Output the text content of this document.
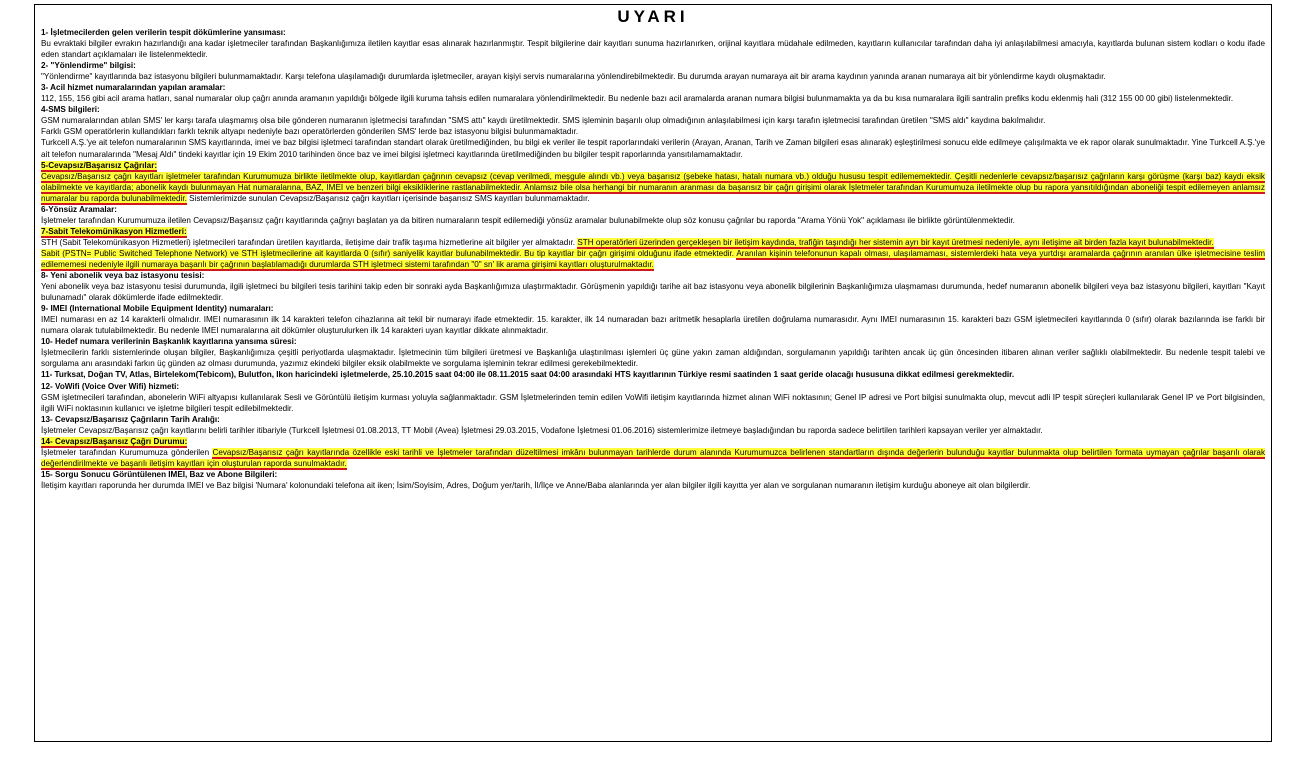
UYARI
1- İşletmecilerden gelen verilerin tespit dökümlerine yansıması:
Bu evraktaki bilgiler evrakın hazırlandığı ana kadar işletmeciler tarafından Başkanlığımıza iletilen kayıtlar esas alınarak hazırlanmıştır. Tespit bilgilerine dair kayıtları sunuma hazırlanırken, orijinal kayıtlara müdahale edilmeden, kayıtların kullanıcılar tarafından daha iyi anlaşılabilmesi amacıyla, kayıtlarda bulunan sistem kodları o kodu ifade eden standart açıklamaları ile listelenmektedir.
2- "Yönlendirme" bilgisi:
"Yönlendirme" kayıtlarında baz istasyonu bilgileri bulunmamaktadır. Karşı telefona ulaşılamadığı durumlarda işletmeciler, arayan kişiyi servis numaralarına yönlendirebilmektedir. Bu durumda arayan numaraya ait bir arama kaydının yanında aranan numaraya ait bir yönlendirme kaydı oluşmaktadır.
3- Acil hizmet numaralarından yapılan aramalar:
112, 155, 156 gibi acil arama hatları, sanal numaralar olup çağrı anında aramanın yapıldığı bölgede ilgili kuruma tahsis edilen numaralara yönlendirilmektedir. Bu nedenle bazı acil aramalarda aranan numara bilgisi bulunmamakta ya da bu kısa numaralara ilgili santralin prefiks kodu eklenmiş hali (312 155 00 00 gibi) listelenmektedir.
4-SMS bilgileri:
GSM numaralarından atılan SMS' ler karşı tarafa ulaşmamış olsa bile gönderen numaranın işletmecisi tarafından "SMS attı" kaydı üretilmektedir. SMS işleminin başarılı olup olmadığının anlaşılabilmesi için karşı tarafın işletmecisi tarafından üretilen "SMS aldı" kaydına bakılmalıdır.
Farklı GSM operatörlerin kullandıkları farklı teknik altyapı nedeniyle bazı operatörlerden gönderilen SMS' lerde baz istasyonu bilgisi bulunmamaktadır.
Turkcell A.Ş.'ye ait telefon numaralarının SMS kayıtlarında, imei ve baz bilgisi işletmeci tarafından standart olarak üretilmediğinden, bu bilgi ek veriler ile tespit raporlarındaki verilerin (Arayan, Aranan, Tarih ve Zaman bilgileri esas alınarak) eşleştirilmesi sonucu elde edilmeye çalışılmakta ve ek rapor olarak sunulmaktadır. Yine Turkcell A.Ş.'ye ait telefon numaralarında "Mesaj Aldı" tindeki kayıtlar için 19 Ekim 2010 tarihinden önce baz ve imei bilgisi işletmeci kayıtlarında üretilmediğinden bu bilgiler tespit raporlarında yansıtılamamaktadır.
5-Cevapsız/Başarısız Çağrılar:
Cevapsız/Başarısız çağrı kayıtları işletmeler tarafından Kurumumuza birlikte iletilmekte olup, kayıtlardan çağrının cevapsız (cevap verilmedi, meşgule alındı vb.) veya başarısız (şebeke hatası, hatalı numara vb.) olduğu hususu tespit edilememektedir. Çeşitli nedenlerle cevapsız/başarısız çağrıların karşı görüşme (karşı baz) kaydı eksik olabilmekte ve kayıtlarda; abonelik kaydı bulunmayan Hat numaralarına, BAZ, IMEI ve benzeri bilgi eksikliklerine rastlanabilmektedir. Anlamsız bile olsa herhangi bir numaranın aranması da başarısız bir çağrı girişimi olarak İşletmeler tarafından Kurumumuza iletilmekte olup bu rapora yansıtıldığından aboneliği tespit edilemeyen anlamsız numaralar bu raporda bulunabilmektedir. Sistemlerimizde sunulan Cevapsız/Başarısız çağrı kayıtları içerisinde başarısız SMS kayıtları bulunmamaktadır.
6-Yönsüz Aramalar:
İşletmeler tarafından Kurumumuza iletilen Cevapsız/Başarısız çağrı kayıtlarında çağrıyı başlatan ya da bitiren numaraların tespit edilemediği yönsüz aramalar bulunabilmekte olup söz konusu çağrılar bu raporda "Arama Yönü Yok" açıklaması ile birlikte görüntülenmektedir.
7-Sabit Telekomünikasyon Hizmetleri:
STH (Sabit Telekomünikasyon Hizmetleri) işletmecileri tarafından üretilen kayıtlarda, iletişime dair trafik taşıma hizmetlerine ait bilgiler yer almaktadır. STH operatörleri üzerinden gerçekleşen bir iletişim kaydında, trafiğin taşındığı her sistemin ayrı bir kayıt üretmesi nedeniyle, aynı iletişime ait birden fazla kayıt bulunabilmektedir.
Sabit (PSTN= Public Switched Telephone Network) ve STH işletmecilerine ait kayıtlarda 0 (sıfır) saniyelik kayıtlar bulunabilmektedir. Bu tip kayıtlar bir çağrı girişimi olduğunu ifade etmektedir. Aranılan kişinin telefonunun kapalı olması, ulaşılamaması, sistemlerdeki hata veya yurtdışı aramalarda çağrının aranılan ülke işletmecisine teslim edilememesi nedeniyle ilgili numaraya başarılı bir çağrının başlatılamadığı durumlarda STH işletmeci sistemi tarafından "0" sn' lik arama girişimi kayıtları oluşturulmaktadır.
8- Yeni abonelik veya baz istasyonu tesisi:
Yeni abonelik veya baz istasyonu tesisi durumunda, ilgili işletmeci bu bilgileri tesis tarihini takip eden bir sonraki ayda Başkanlığımıza ulaştırmaktadır. Görüşmenin yapıldığı tarihe ait baz istasyonu veya abonelik bilgilerinin Başkanlığımıza ulaşmaması durumunda, hedef numaranın abonelik bilgileri veya baz istasyonu bilgileri, kayıtları "Kayıt bulunamadı" olarak dökümlerde ifade edilmektedir.
9- IMEI (International Mobile Equipment Identity) numaraları:
IMEI numarası en az 14 karakterli olmalıdır. IMEI numarasının ilk 14 karakteri telefon cihazlarına ait tekil bir numarayı ifade etmektedir. 15. karakter, ilk 14 numaradan bazı aritmetik hesaplarla üretilen doğrulama numarasıdır. Aynı IMEI numarasının 15. karakteri bazı GSM işletmecileri kayıtlarında 0 (sıfır) olarak bazılarında ise farklı bir numara olarak tutulabilmektedir. Bu nedenle IMEI numaralarına ait dökümler oluşturulurken ilk 14 karakteri uyan kayıtlar dikkate alınmaktadır.
10- Hedef numara verilerinin Başkanlık kayıtlarına yansıma süresi:
İşletmecilerin farklı sistemlerinde oluşan bilgiler, Başkanlığımıza çeşitli periyotlarda ulaşmaktadır. İşletmecinin tüm bilgileri üretmesi ve Başkanlığa ulaştırılması işlemleri üç güne yakın zaman aldığından, sorgulamanın yapıldığı tarihten ancak üç gün öncesinden itibaren alınan veriler sağlıklı olabilmektedir. Bu nedenle tespit talebi ve sorgulama anı arasındaki farkın üç günden az olması durumunda, yazımız ekindeki bilgiler eksik olabilmekte ve sorgulama işleminin tekrar edilmesi gerekebilmektedir.
11- Turksat, Doğan TV, Atlas, Birtelekom(Tebicom), Bulutfon, Ikon haricindeki işletmelerde, 25.10.2015 saat 04:00 ile 08.11.2015 saat 04:00 arasındaki HTS kayıtlarının Türkiye resmi saatinden 1 saat geride olacağı hususuna dikkat edilmesi gerekmektedir.
12- VoWifi (Voice Over Wifi) hizmeti:
GSM işletmecileri tarafından, abonelerin WiFi altyapısı kullanılarak Sesli ve Görüntülü iletişim kurması yoluyla sağlanmaktadır. GSM İşletmelerinden temin edilen VoWifi iletişim kayıtlarında hizmet alınan WiFi noktasının; Genel IP adresi ve Port bilgisi sunulmakta olup, mevcut adli IP tespit süreçleri kullanılarak Genel IP ve Port bilgisinden, ilgili WiFi noktasının kullanıcı ve işletme bilgileri tespit edilebilmektedir.
13- Cevapsız/Başarısız Çağrıların Tarih Aralığı:
İşletmeler Cevapsız/Başarısız çağrı kayıtlarını belirli tarihler itibariyle (Turkcell İşletmesi 01.08.2013, TT Mobil (Avea) İşletmesi 29.03.2015, Vodafone İşletmesi 01.06.2016) sistemlerimize iletmeye başladığından bu raporda sadece belirtilen tarihleri kapsayan veriler yer almaktadır.
14- Cevapsız/Başarısız Çağrı Durumu:
İşletmeler tarafından Kurumumuza gönderilen Cevapsız/Başarısız çağrı kayıtlarında özellikle eski tarihli ve İşletmeler tarafından düzeltilmesi imkânı bulunmayan tarihlerde durum alanında Kurumumuzca belirlenen standartların dışında değerlerin bulunduğu kayıtlar bulunmakta olup belirtilen formata uymayan çağrılar başarılı olarak değerlendirilmekte ve başarılı iletişim kayıtları için oluşturulan raporda sunulmaktadır.
15- Sorgu Sonucu Görüntülenen IMEI, Baz ve Abone Bilgileri:
İletişim kayıtları raporunda her durumda IMEI ve Baz bilgisi 'Numara' kolonundaki telefona ait iken; İsim/Soyisim, Adres, Doğum yer/tarih, İl/İlçe ve Anne/Baba alanlarında yer alan bilgiler ilgili kayıtta yer alan ve sorgulanan numaranın iletişim kurduğu aboneye ait olan bilgilerdir.
